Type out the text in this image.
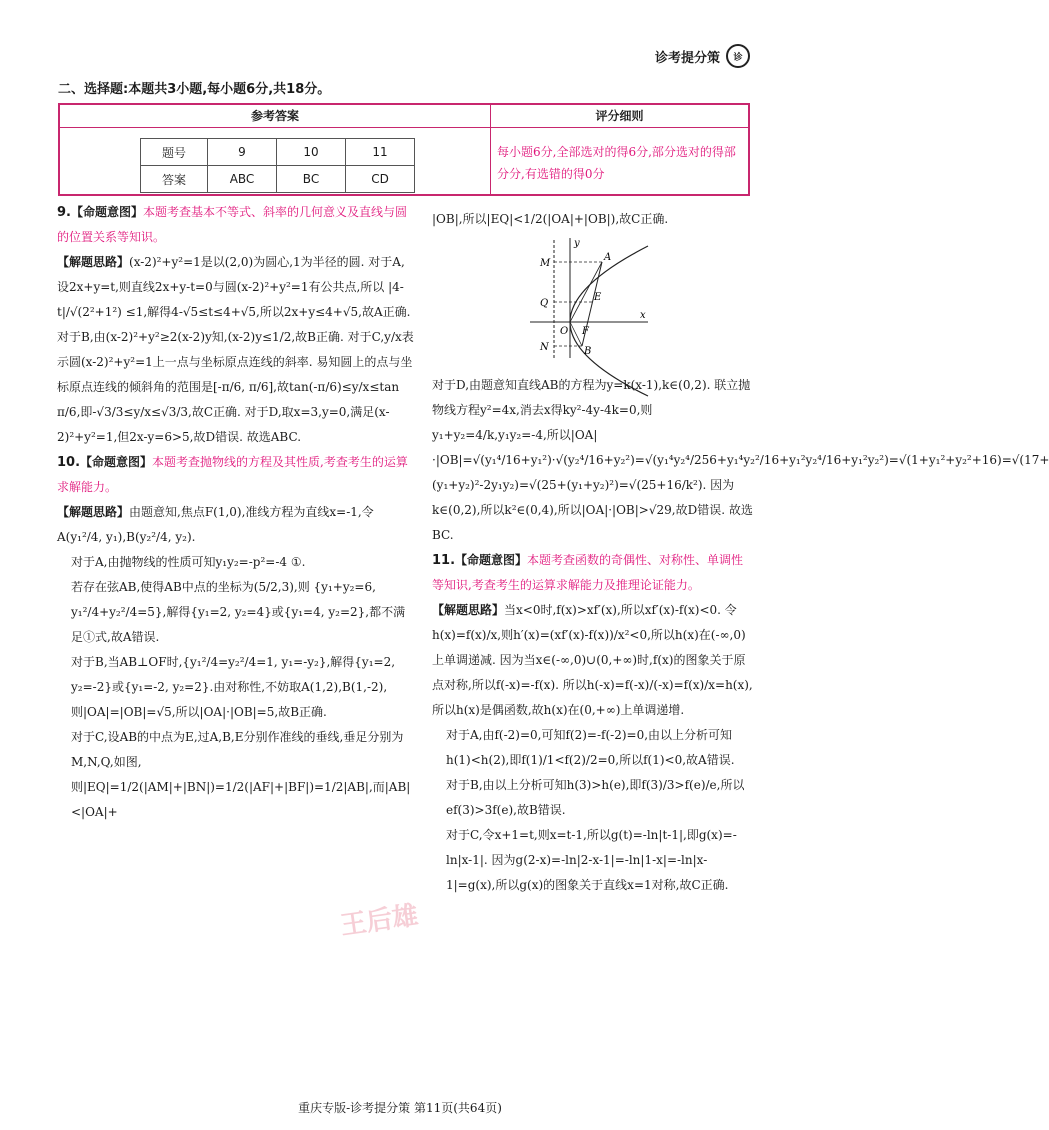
诊考提分策	诊
二、选择题:本题共3小题,每小题6分,共18分。
参考答案
题号	9	10	11
答案	ABC	BC	CD
评分细则
每小题6分,全部选对的得6分,部分选对的得部分分,有选错的得0分

9.【命题意图】本题考查基本不等式、斜率的几何意义及直线与圆的位置关系等知识。

【解题思路】(x-2)²+y²=1是以(2,0)为圆心,1为半径的圆. 对于A,设2x+y=t,则直线2x+y-t=0与圆(x-2)²+y²=1有公共点,所以 |4-t|/√(2²+1²) ≤1,解得4-√5≤t≤4+√5,所以2x+y≤4+√5,故A正确. 对于B,由(x-2)²+y²≥2(x-2)y知,(x-2)y≤1/2,故B正确. 对于C,y/x表示圆(x-2)²+y²=1上一点与坐标原点连线的斜率. 易知圆上的点与坐标原点连线的倾斜角的范围是[-π/6, π/6],故tan(-π/6)≤y/x≤tan π/6,即-√3/3≤y/x≤√3/3,故C正确. 对于D,取x=3,y=0,满足(x-2)²+y²=1,但2x-y=6>5,故D错误. 故选ABC.

10.【命题意图】本题考查抛物线的方程及其性质,考查考生的运算求解能力。

【解题思路】由题意知,焦点F(1,0),准线方程为直线x=-1,令A(y₁²/4, y₁),B(y₂²/4, y₂).

对于A,由抛物线的性质可知y₁y₂=-p²=-4 ①.

若存在弦AB,使得AB中点的坐标为(5/2,3),则 {y₁+y₂=6, y₁²/4+y₂²/4=5},解得{y₁=2, y₂=4}或{y₁=4, y₂=2},都不满足①式,故A错误.

对于B,当AB⊥OF时,{y₁²/4=y₂²/4=1, y₁=-y₂},解得{y₁=2, y₂=-2}或{y₁=-2, y₂=2}.由对称性,不妨取A(1,2),B(1,-2),则|OA|=|OB|=√5,所以|OA|·|OB|=5,故B正确.

对于C,设AB的中点为E,过A,B,E分别作准线的垂线,垂足分别为M,N,Q,如图,则|EQ|=1/2(|AM|+|BN|)=1/2(|AF|+|BF|)=1/2|AB|,而|AB|<|OA|+

|OB|,所以|EQ|<1/2(|OA|+|OB|),故C正确.

M
A
Q
E
O F
N	B
x
y

对于D,由题意知直线AB的方程为y=k(x-1),k∈(0,2). 联立抛物线方程y²=4x,消去x得ky²-4y-4k=0,则y₁+y₂=4/k,y₁y₂=-4,所以|OA|·|OB|=√(y₁⁴/16+y₁²)·√(y₂⁴/16+y₂²)=√(y₁⁴y₂⁴/256+y₁⁴y₂²/16+y₁²y₂⁴/16+y₁²y₂²)=√(1+y₁²+y₂²+16)=√(17+(y₁+y₂)²-2y₁y₂)=√(25+(y₁+y₂)²)=√(25+16/k²). 因为k∈(0,2),所以k²∈(0,4),所以|OA|·|OB|>√29,故D错误. 故选BC.

11.【命题意图】本题考查函数的奇偶性、对称性、单调性等知识,考查考生的运算求解能力及推理论证能力。

【解题思路】当x<0时,f(x)>xf′(x),所以xf′(x)-f(x)<0. 令h(x)=f(x)/x,则h′(x)=(xf′(x)-f(x))/x²<0,所以h(x)在(-∞,0)上单调递减. 因为当x∈(-∞,0)∪(0,+∞)时,f(x)的图象关于原点对称,所以f(-x)=-f(x). 所以h(-x)=f(-x)/(-x)=f(x)/x=h(x),所以h(x)是偶函数,故h(x)在(0,+∞)上单调递增.

对于A,由f(-2)=0,可知f(2)=-f(-2)=0,由以上分析可知h(1)<h(2),即f(1)/1<f(2)/2=0,所以f(1)<0,故A错误.

对于B,由以上分析可知h(3)>h(e),即f(3)/3>f(e)/e,所以ef(3)>3f(e),故B错误.

对于C,令x+1=t,则x=t-1,所以g(t)=-ln|t-1|,即g(x)=-ln|x-1|. 因为g(2-x)=-ln|2-x-1|=-ln|1-x|=-ln|x-1|=g(x),所以g(x)的图象关于直线x=1对称,故C正确.

王后雄
重庆专版-诊考提分策 第11页(共64页)
